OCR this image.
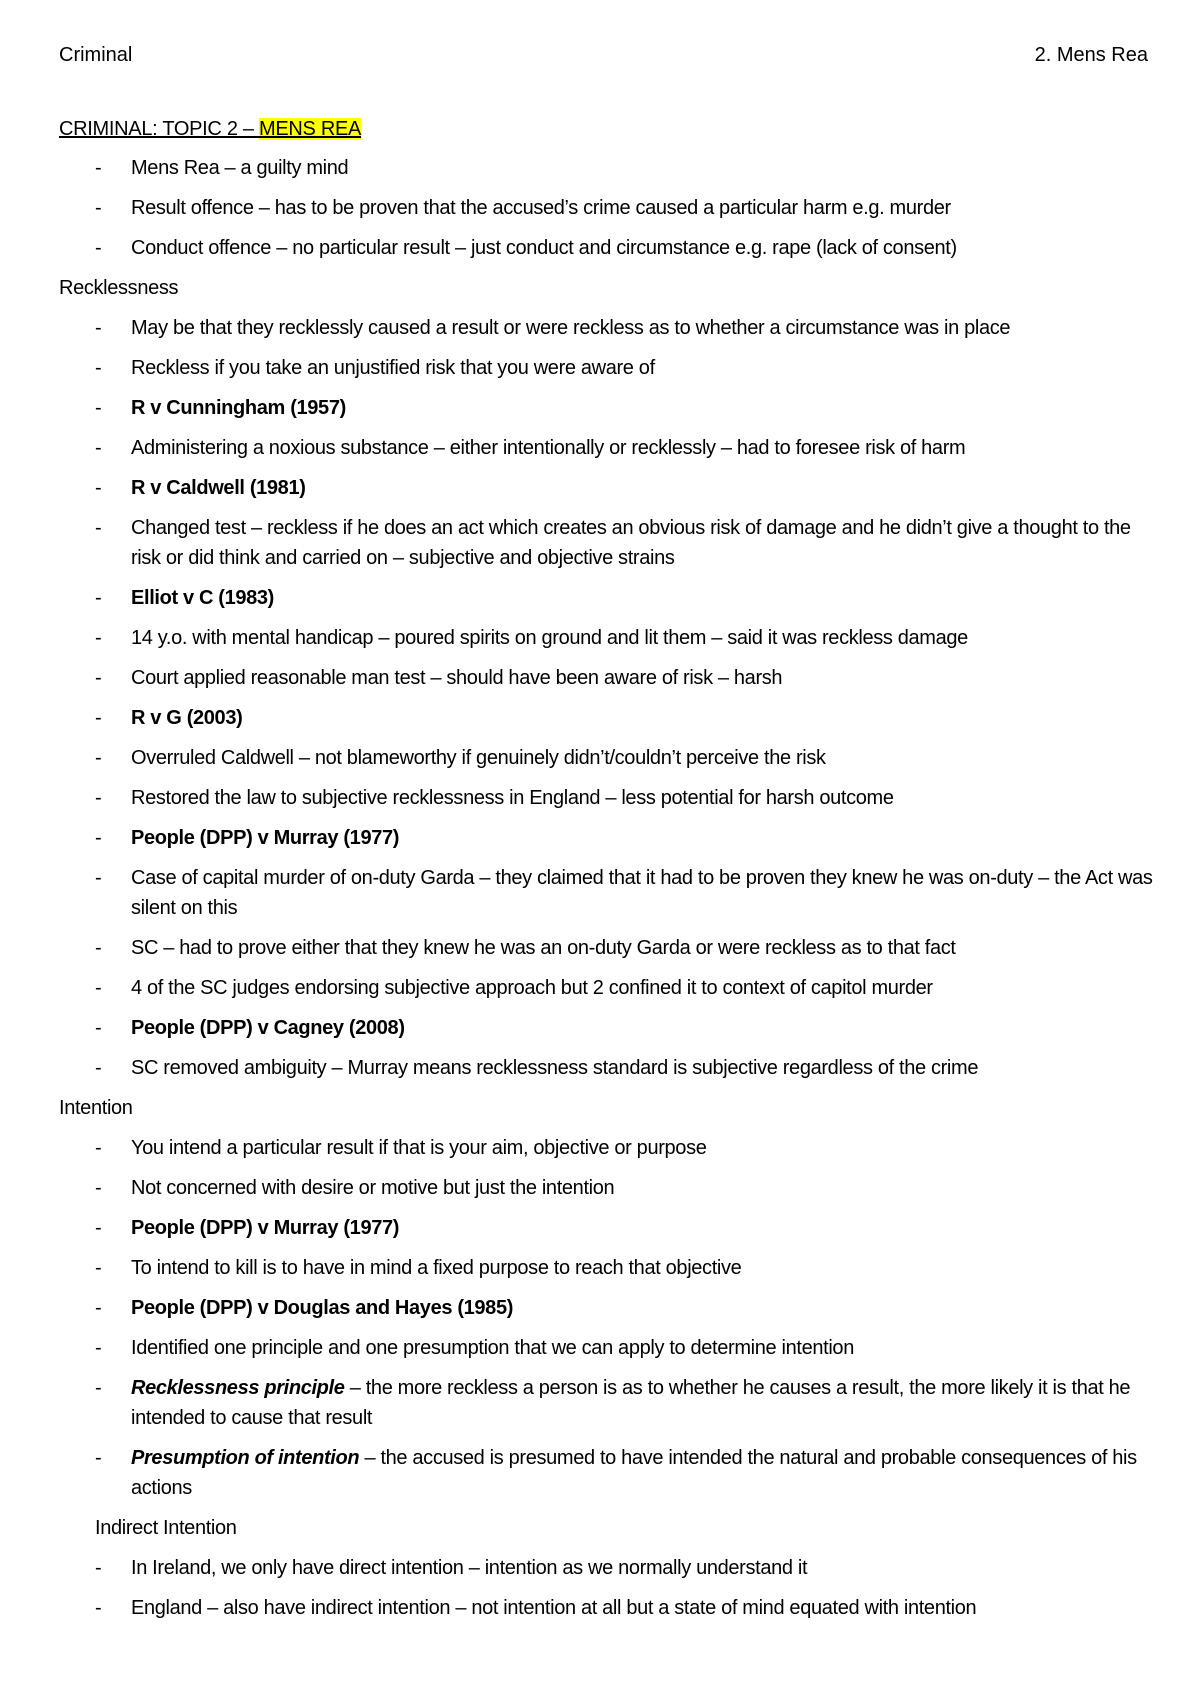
Criminal	2. Mens Rea
CRIMINAL: TOPIC 2 – MENS REA
-	Mens Rea – a guilty mind
-	Result offence – has to be proven that the accused’s crime caused a particular harm e.g. murder
-	Conduct offence – no particular result – just conduct and circumstance e.g. rape (lack of consent)
Recklessness
-	May be that they recklessly caused a result or were reckless as to whether a circumstance was in place
-	Reckless if you take an unjustified risk that you were aware of
-	R v Cunningham (1957)
-	Administering a noxious substance – either intentionally or recklessly – had to foresee risk of harm
-	R v Caldwell (1981)
-	Changed test – reckless if he does an act which creates an obvious risk of damage and he didn’t give a thought to the risk or did think and carried on – subjective and objective strains
-	Elliot v C (1983)
-	14 y.o. with mental handicap – poured spirits on ground and lit them – said it was reckless damage
-	Court applied reasonable man test – should have been aware of risk – harsh
-	R v G (2003)
-	Overruled Caldwell – not blameworthy if genuinely didn’t/couldn’t perceive the risk
-	Restored the law to subjective recklessness in England – less potential for harsh outcome
-	People (DPP) v Murray (1977)
-	Case of capital murder of on-duty Garda – they claimed that it had to be proven they knew he was on-duty – the Act was silent on this
-	SC – had to prove either that they knew he was an on-duty Garda or were reckless as to that fact
-	4 of the SC judges endorsing subjective approach but 2 confined it to context of capitol murder
-	People (DPP) v Cagney (2008)
-	SC removed ambiguity – Murray means recklessness standard is subjective regardless of the crime
Intention
-	You intend a particular result if that is your aim, objective or purpose
-	Not concerned with desire or motive but just the intention
-	People (DPP) v Murray (1977)
-	To intend to kill is to have in mind a fixed purpose to reach that objective
-	People (DPP) v Douglas and Hayes (1985)
-	Identified one principle and one presumption that we can apply to determine intention
-	Recklessness principle – the more reckless a person is as to whether he causes a result, the more likely it is that he intended to cause that result
-	Presumption of intention – the accused is presumed to have intended the natural and probable consequences of his actions
Indirect Intention
-	In Ireland, we only have direct intention – intention as we normally understand it
-	England – also have indirect intention – not intention at all but a state of mind equated with intention
